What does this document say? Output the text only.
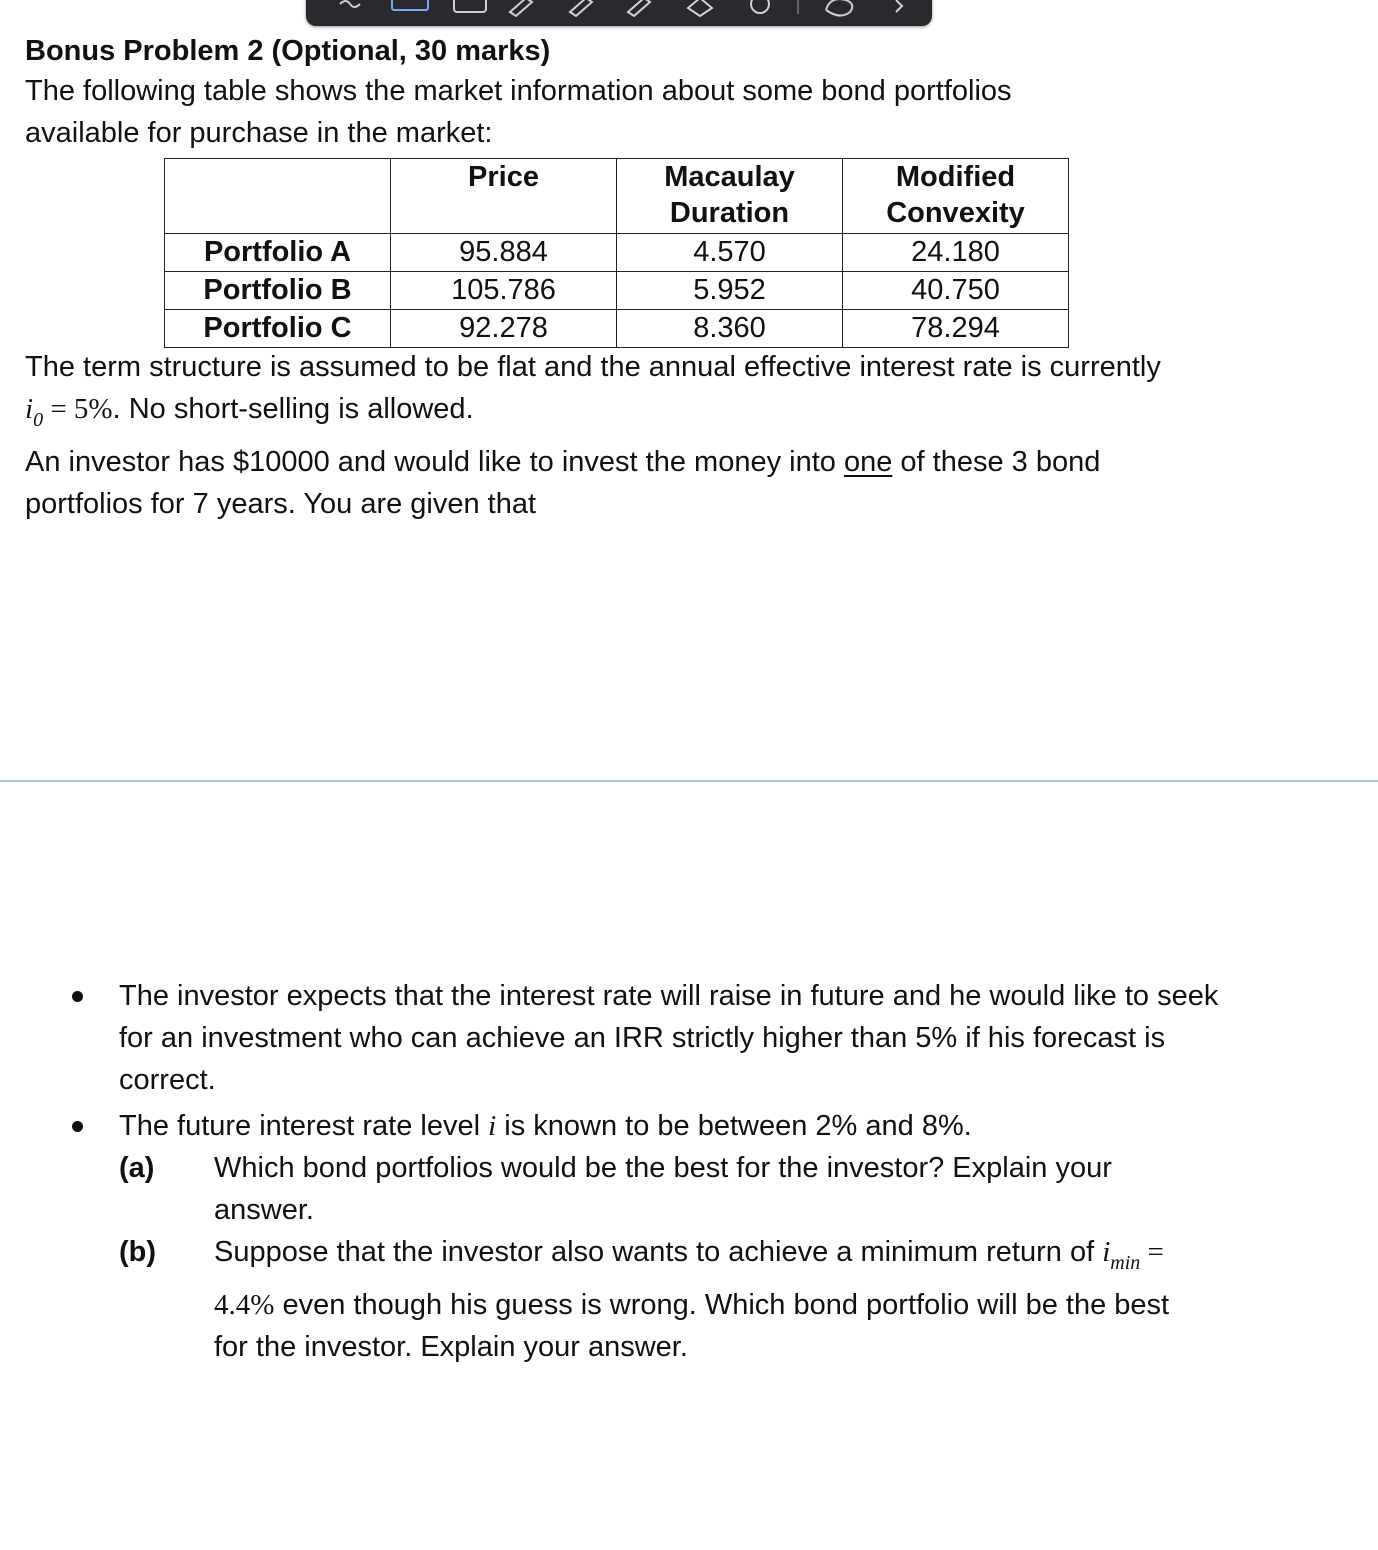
Bonus Problem 2 (Optional, 30 marks)

The following table shows the market information about some bond portfolios available for purchase in the market:

	Price	Macaulay Duration	Modified Convexity
Portfolio A	95.884	4.570	24.180
Portfolio B	105.786	5.952	40.750
Portfolio C	92.278	8.360	78.294

The term structure is assumed to be flat and the annual effective interest rate is currently $i_0 = 5\%$. No short-selling is allowed.

An investor has $10000 and would like to invest the money into one of these 3 bond portfolios for 7 years. You are given that

The investor expects that the interest rate will raise in future and he would like to seek for an investment who can achieve an IRR strictly higher than 5% if his forecast is correct.
The future interest rate level i is known to be between 2% and 8%.
(a) Which bond portfolios would be the best for the investor? Explain your answer.
(b) Suppose that the investor also wants to achieve a minimum return of $i_{min} = 4.4\%$ even though his guess is wrong. Which bond portfolio will be the best for the investor. Explain your answer.
